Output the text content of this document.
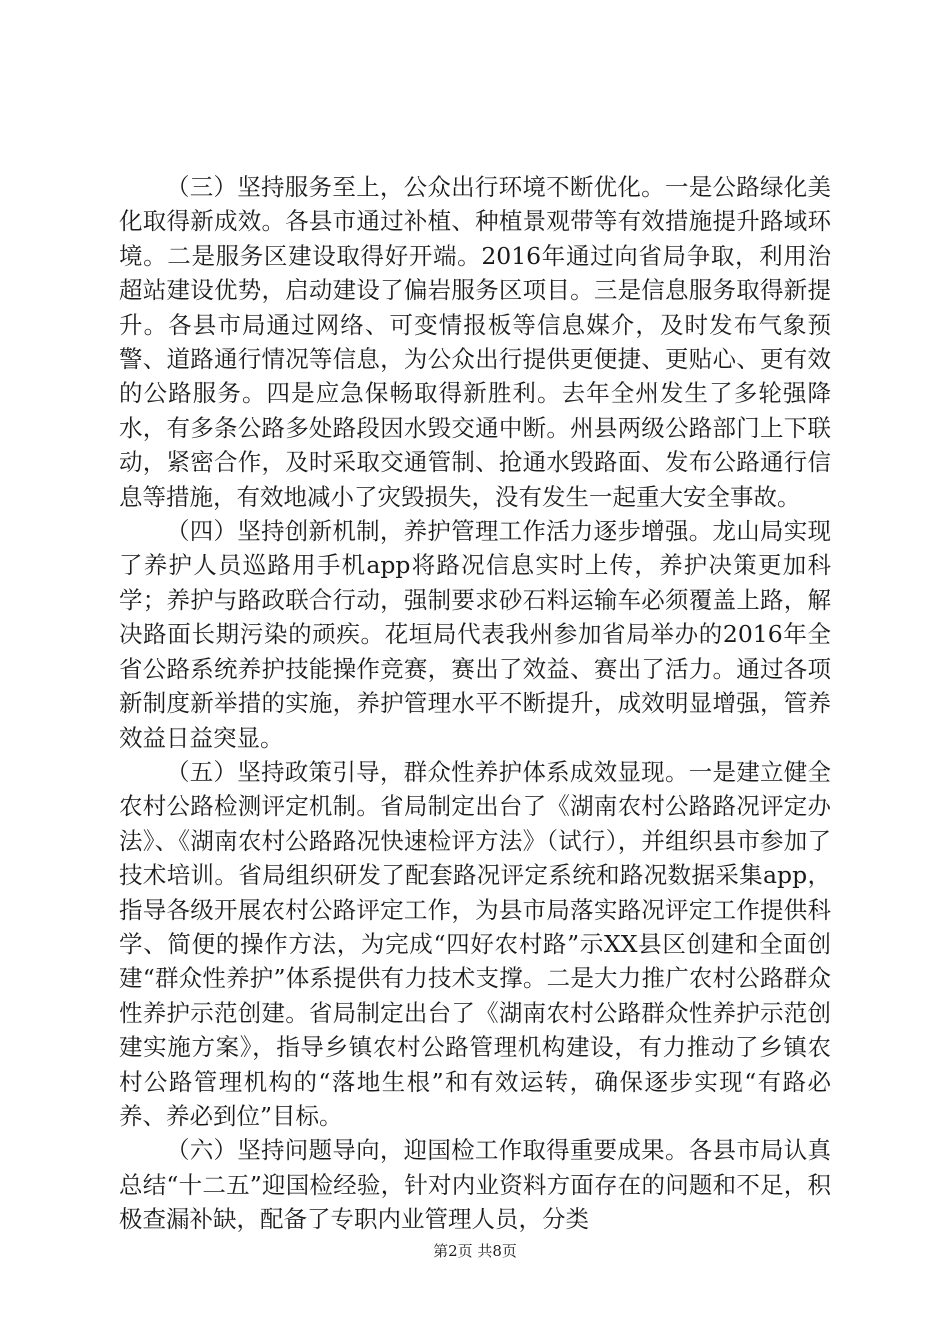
（三）坚持服务至上，公众出行环境不断优化。一是公路绿化美化取得新成效。各县市通过补植、种植景观带等有效措施提升路域环境。二是服务区建设取得好开端。2016年通过向省局争取，利用治超站建设优势，启动建设了偏岩服务区项目。三是信息服务取得新提升。各县市局通过网络、可变情报板等信息媒介，及时发布气象预警、道路通行情况等信息，为公众出行提供更便捷、更贴心、更有效的公路服务。四是应急保畅取得新胜利。去年全州发生了多轮强降水，有多条公路多处路段因水毁交通中断。州县两级公路部门上下联动，紧密合作，及时采取交通管制、抢通水毁路面、发布公路通行信息等措施，有效地减小了灾毁损失，没有发生一起重大安全事故。

（四）坚持创新机制，养护管理工作活力逐步增强。龙山局实现了养护人员巡路用手机app将路况信息实时上传，养护决策更加科学；养护与路政联合行动，强制要求砂石料运输车必须覆盖上路，解决路面长期污染的顽疾。花垣局代表我州参加省局举办的2016年全省公路系统养护技能操作竞赛，赛出了效益、赛出了活力。通过各项新制度新举措的实施，养护管理水平不断提升，成效明显增强，管养效益日益突显。

（五）坚持政策引导，群众性养护体系成效显现。一是建立健全农村公路检测评定机制。省局制定出台了《湖南农村公路路况评定办法》、《湖南农村公路路况快速检评方法》（试行），并组织县市参加了技术培训。省局组织研发了配套路况评定系统和路况数据采集app，指导各级开展农村公路评定工作，为县市局落实路况评定工作提供科学、简便的操作方法，为完成“四好农村路”示XX县区创建和全面创建“群众性养护”体系提供有力技术支撑。二是大力推广农村公路群众性养护示范创建。省局制定出台了《湖南农村公路群众性养护示范创建实施方案》，指导乡镇农村公路管理机构建设，有力推动了乡镇农村公路管理机构的“落地生根”和有效运转，确保逐步实现“有路必养、养必到位”目标。

（六）坚持问题导向，迎国检工作取得重要成果。各县市局认真总结“十二五”迎国检经验，针对内业资料方面存在的问题和不足，积极查漏补缺，配备了专职内业管理人员，分类

第2页 共8页
